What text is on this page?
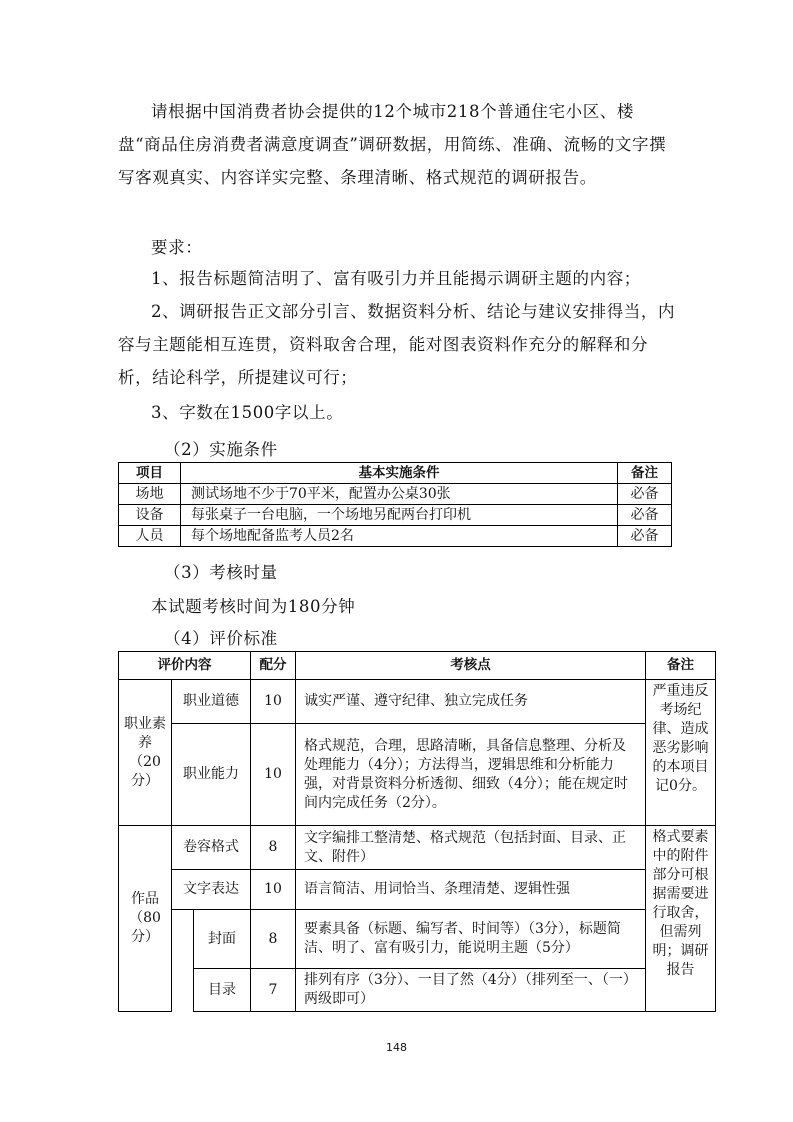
请根据中国消费者协会提供的12个城市218个普通住宅小区、楼盘“商品住房消费者满意度调查”调研数据，用简练、准确、流畅的文字撰写客观真实、内容详实完整、条理清晰、格式规范的调研报告。
要求：
1、报告标题简洁明了、富有吸引力并且能揭示调研主题的内容；
2、调研报告正文部分引言、数据资料分析、结论与建议安排得当，内容与主题能相互连贯，资料取舍合理，能对图表资料作充分的解释和分析，结论科学，所提建议可行；
3、字数在1500字以上。
（2）实施条件
项目	基本实施条件	备注
场地	测试场地不少于70平米，配置办公桌30张	必备
设备	每张桌子一台电脑，一个场地另配两台打印机	必备
人员	每个场地配备监考人员2名	必备
（3）考核时量
本试题考核时间为180分钟
（4）评价标准
评价内容			配分	考核点	备注
职业素养（20分）	职业道德		10	诚实严谨、遵守纪律、独立完成任务	严重违反考场纪律、造成恶劣影响的本项目记0分。
	职业能力		10	格式规范，合理，思路清晰，具备信息整理、分析及处理能力（4分）；方法得当，逻辑思维和分析能力强，对背景资料分析透彻、细致（4分）；能在规定时间内完成任务（2分）。	
作品（80分）	卷容格式		8	文字编排工整清楚、格式规范（包括封面、目录、正文、附件）	格式要素中的附件部分可根据需要进行取舍，但需列明；调研报告
	文字表达		10	语言简洁、用词恰当、条理清楚、逻辑性强	
		封面	8	要素具备（标题、编写者、时间等）（3分），标题简洁、明了、富有吸引力，能说明主题（5分）	
		目录	7	排列有序（3分）、一目了然（4分）（排列至一、（一）两级即可）	
148
